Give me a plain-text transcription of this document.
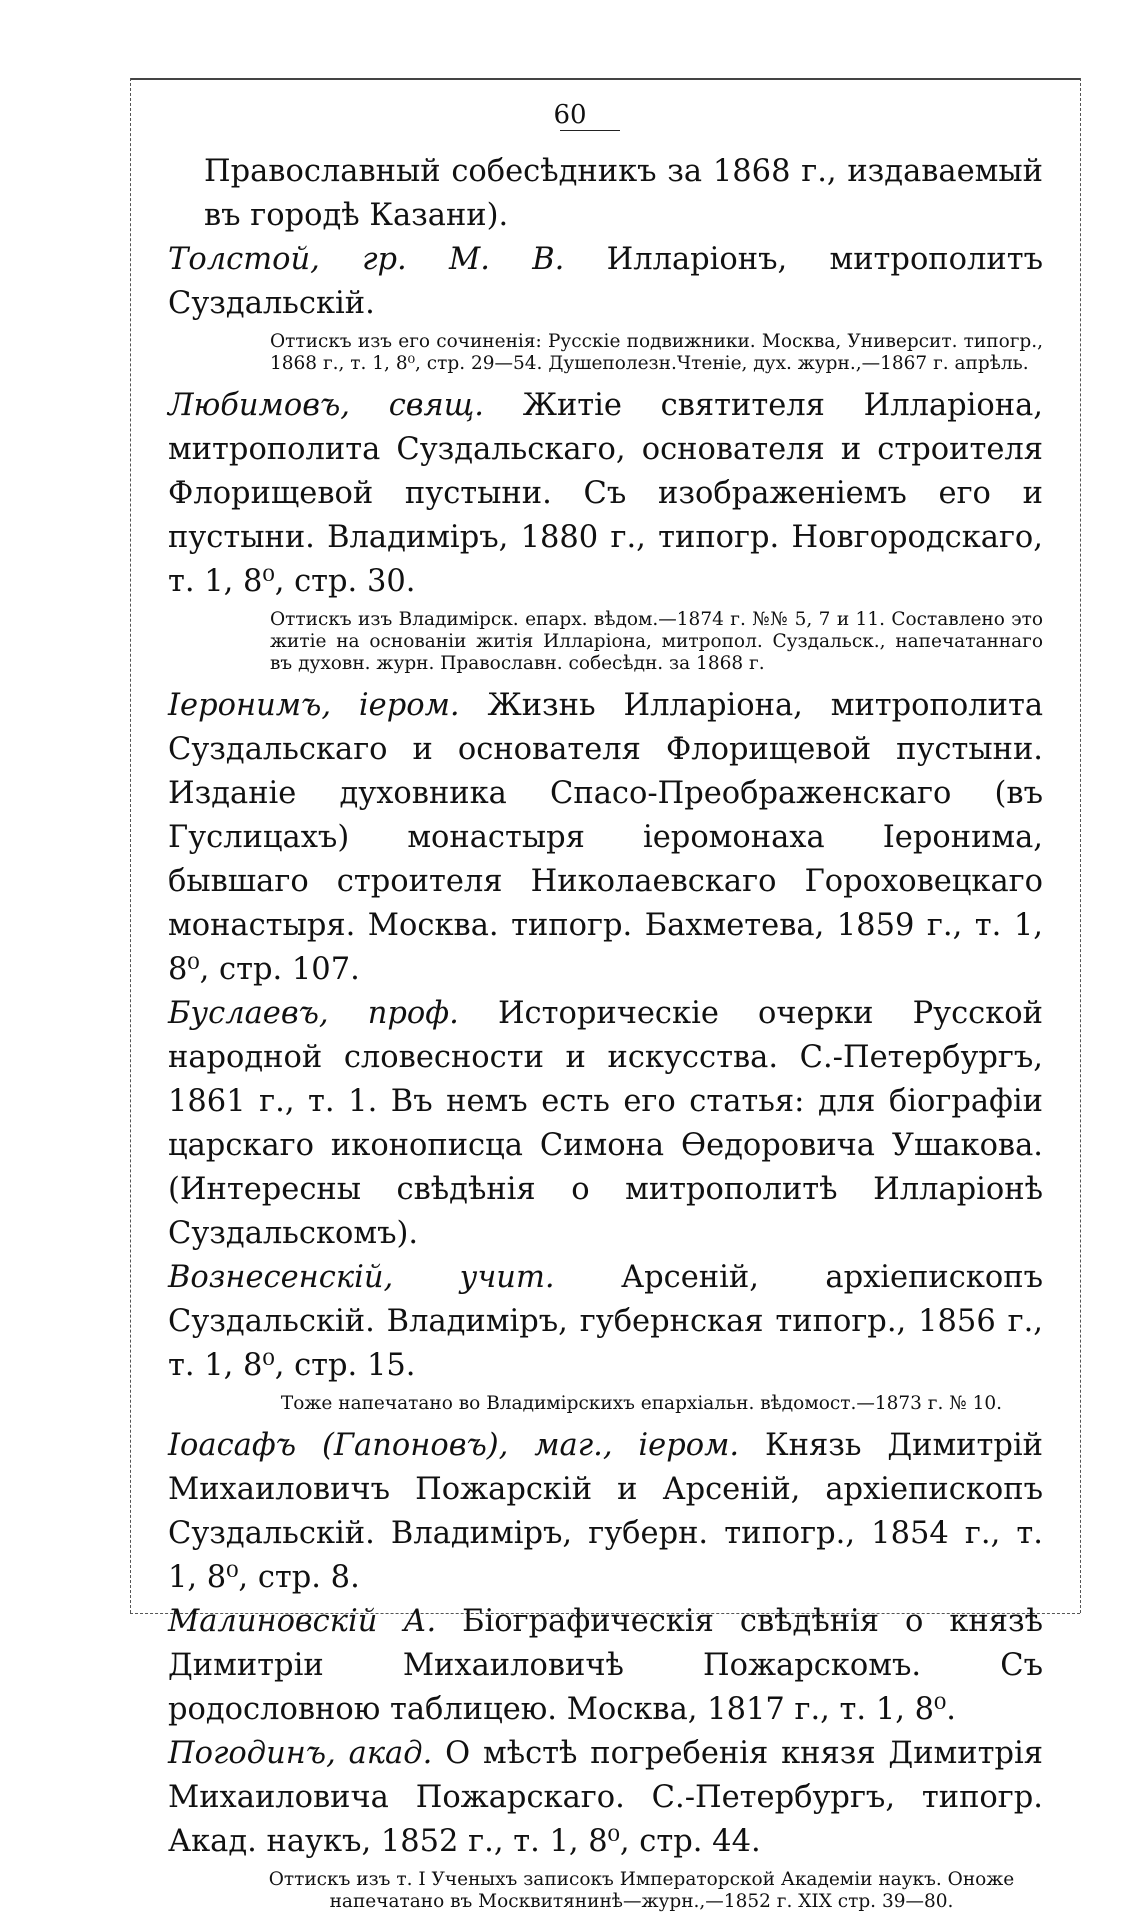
60

Православный собесѣдникъ за 1868 г., издаваемый въ городѣ Казани).

Толстой, гр. М. В. Илларіонъ, митрополитъ Суздальскій.

Оттискъ изъ его сочиненія: Русскіе подвижники. Москва, Университ. типогр., 1868 г., т. 1, 8⁰, стр. 29—54. Душеполезн.Чтеніе, дух. журн.,—1867 г. апрѣль.

Любимовъ, свящ. Житіе святителя Илларіона, митрополита Суздальскаго, основателя и строителя Флорищевой пустыни. Съ изображеніемъ его и пустыни. Владиміръ, 1880 г., типогр. Новгородскаго, т. 1, 8⁰, стр. 30.

Оттискъ изъ Владимірск. епарх. вѣдом.—1874 г. №№ 5, 7 и 11. Составлено это житіе на основаніи житія Илларіона, митропол. Суздальск., напечатаннаго въ духовн. журн. Православн. собесѣдн. за 1868 г.

Іеронимъ, іером. Жизнь Илларіона, митрополита Суздальскаго и основателя Флорищевой пустыни. Изданіе духовника Спасо-Преображенскаго (въ Гуслицахъ) монастыря іеромонаха Іеронима, бывшаго строителя Николаевскаго Гороховецкаго монастыря. Москва. типогр. Бахметева, 1859 г., т. 1, 8⁰, стр. 107.

Буслаевъ, проф. Историческіе очерки Русской народной словесности и искусства. С.-Петербургъ, 1861 г., т. 1. Въ немъ есть его статья: для біографіи царскаго иконописца Симона Ѳедоровича Ушакова. (Интересны свѣдѣнія о митрополитѣ Илларіонѣ Суздальскомъ).

Вознесенскій, учит. Арсеній, архіепископъ Суздальскій. Владиміръ, губернская типогр., 1856 г., т. 1, 8⁰, стр. 15.

Тоже напечатано во Владимірскихъ епархіальн. вѣдомост.—1873 г. № 10.

Іоасафъ (Гапоновъ), маг., іером. Князь Димитрій Михаиловичъ Пожарскій и Арсеній, архіепископъ Суздальскій. Владиміръ, губерн. типогр., 1854 г., т. 1, 8⁰, стр. 8.

Малиновскій А. Біографическія свѣдѣнія о князѣ Димитріи Михаиловичѣ Пожарскомъ. Съ родословною таблицею. Москва, 1817 г., т. 1, 8⁰.

Погодинъ, акад. О мѣстѣ погребенія князя Димитрія Михаиловича Пожарскаго. С.-Петербургъ, типогр. Акад. наукъ, 1852 г., т. 1, 8⁰, стр. 44.

Оттискъ изъ т. I Ученыхъ записокъ Императорской Академіи наукъ. Оноже напечатано въ Москвитянинѣ—журн.,—1852 г. XIX стр. 39—80.
